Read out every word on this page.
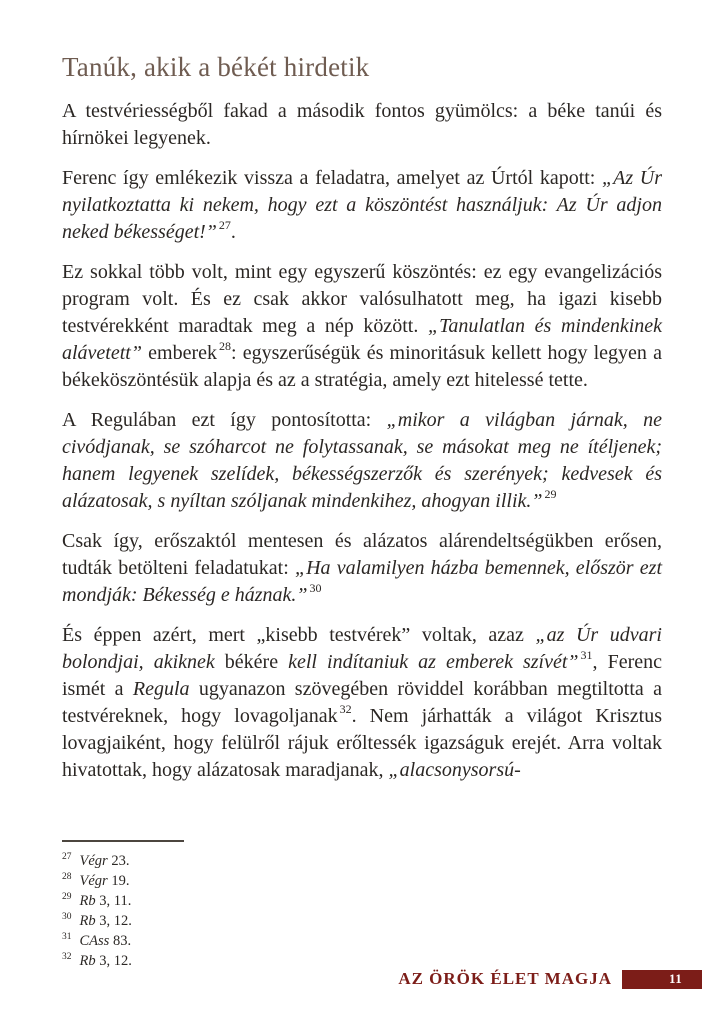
Tanúk, akik a békét hirdetik

A testvériességből fakad a második fontos gyümölcs: a béke tanúi és hírnökei legyenek.

Ferenc így emlékezik vissza a feladatra, amelyet az Úrtól kapott: „Az Úr nyilatkoztatta ki nekem, hogy ezt a köszöntést használjuk: Az Úr adjon neked békességet!” $^{27}$.

Ez sokkal több volt, mint egy egyszerű köszöntés: ez egy evangelizációs program volt. És ez csak akkor valósulhatott meg, ha igazi kisebb testvérekként maradtak meg a nép között. „Tanulatlan és mindenkinek alávetett” emberek $^{28}$: egyszerűségük és minoritásuk kellett hogy legyen a békeköszöntésük alapja és az a stratégia, amely ezt hitelessé tette.

A Regulában ezt így pontosította: „mikor a világban járnak, ne civódjanak, se szóharcot ne folytassanak, se másokat meg ne ítéljenek; hanem legyenek szelídek, békességszerzők és szerények; kedvesek és alázatosak, s nyíltan szóljanak mindenkihez, ahogyan illik.” $^{29}$

Csak így, erőszaktól mentesen és alázatos alárendeltségükben erősen, tudták betölteni feladatukat: „Ha valamilyen házba bemennek, először ezt mondják: Békesség e háznak.” $^{30}$

És éppen azért, mert „kisebb testvérek” voltak, azaz „az Úr udvari bolondjai, akiknek békére kell indítaniuk az emberek szívét” $^{31}$, Ferenc ismét a Regula ugyanazon szövegében röviddel korábban megtiltotta a testvéreknek, hogy lovagoljanak $^{32}$. Nem járhatták a világot Krisztus lovagjaiként, hogy felülről rájuk erőltessék igazságuk erejét. Arra voltak hivatottak, hogy alázatosak maradjanak, „alacsonysorsú-

$^{27}$ Végr 23.
$^{28}$ Végr 19.
$^{29}$ Rb 3, 11.
$^{30}$ Rb 3, 12.
$^{31}$ CAss 83.
$^{32}$ Rb 3, 12.
AZ ÖRÖK ÉLET MAGJA	11
